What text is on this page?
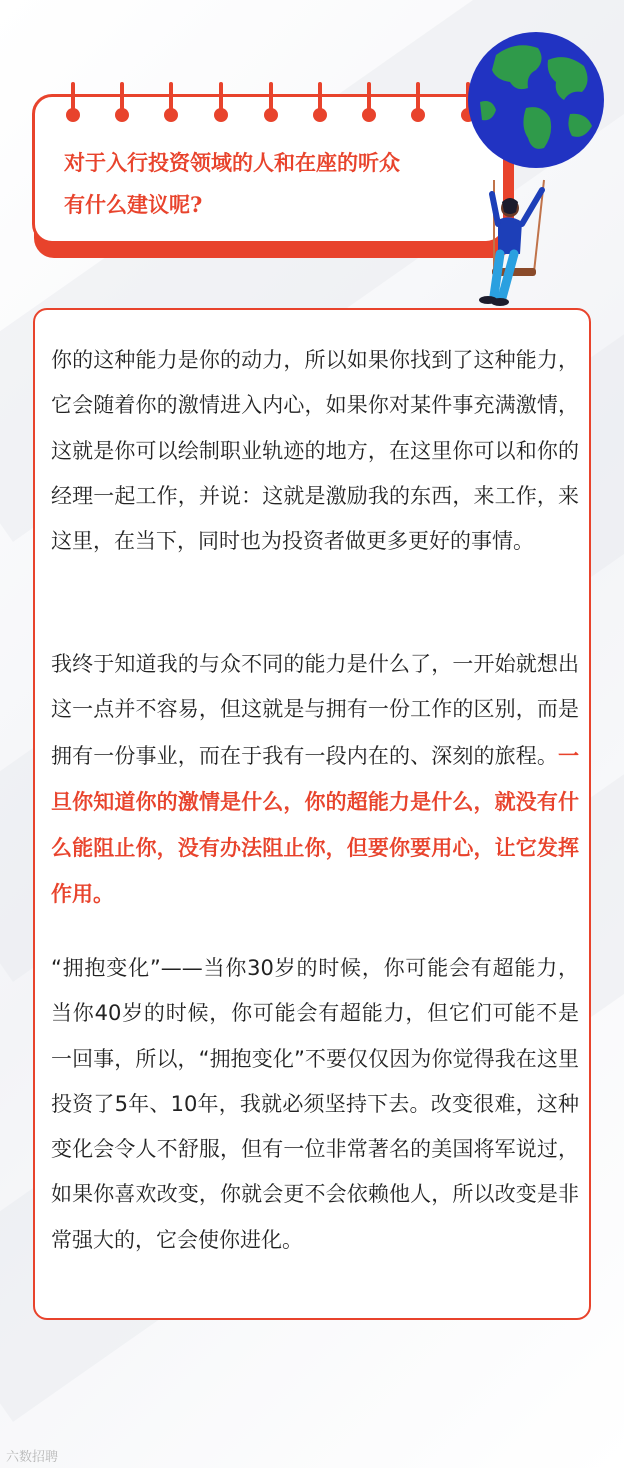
对于入行投资领域的人和在座的听众
有什么建议呢?

你的这种能力是你的动力，所以如果你找到了这种能力，它会随着你的激情进入内心，如果你对某件事充满激情，这就是你可以绘制职业轨迹的地方，在这里你可以和你的经理一起工作，并说：这就是激励我的东西，来工作，来这里，在当下，同时也为投资者做更多更好的事情。

我终于知道我的与众不同的能力是什么了，一开始就想出这一点并不容易，但这就是与拥有一份工作的区别，而是拥有一份事业，而在于我有一段内在的、深刻的旅程。一旦你知道你的激情是什么，你的超能力是什么，就没有什么能阻止你，没有办法阻止你，但要你要用心，让它发挥作用。

“拥抱变化”——当你30岁的时候，你可能会有超能力，当你40岁的时候，你可能会有超能力，但它们可能不是一回事，所以，“拥抱变化”不要仅仅因为你觉得我在这里投资了5年、10年，我就必须坚持下去。改变很难，这种变化会令人不舒服，但有一位非常著名的美国将军说过，如果你喜欢改变，你就会更不会依赖他人，所以改变是非常强大的，它会使你进化。

六数招聘
